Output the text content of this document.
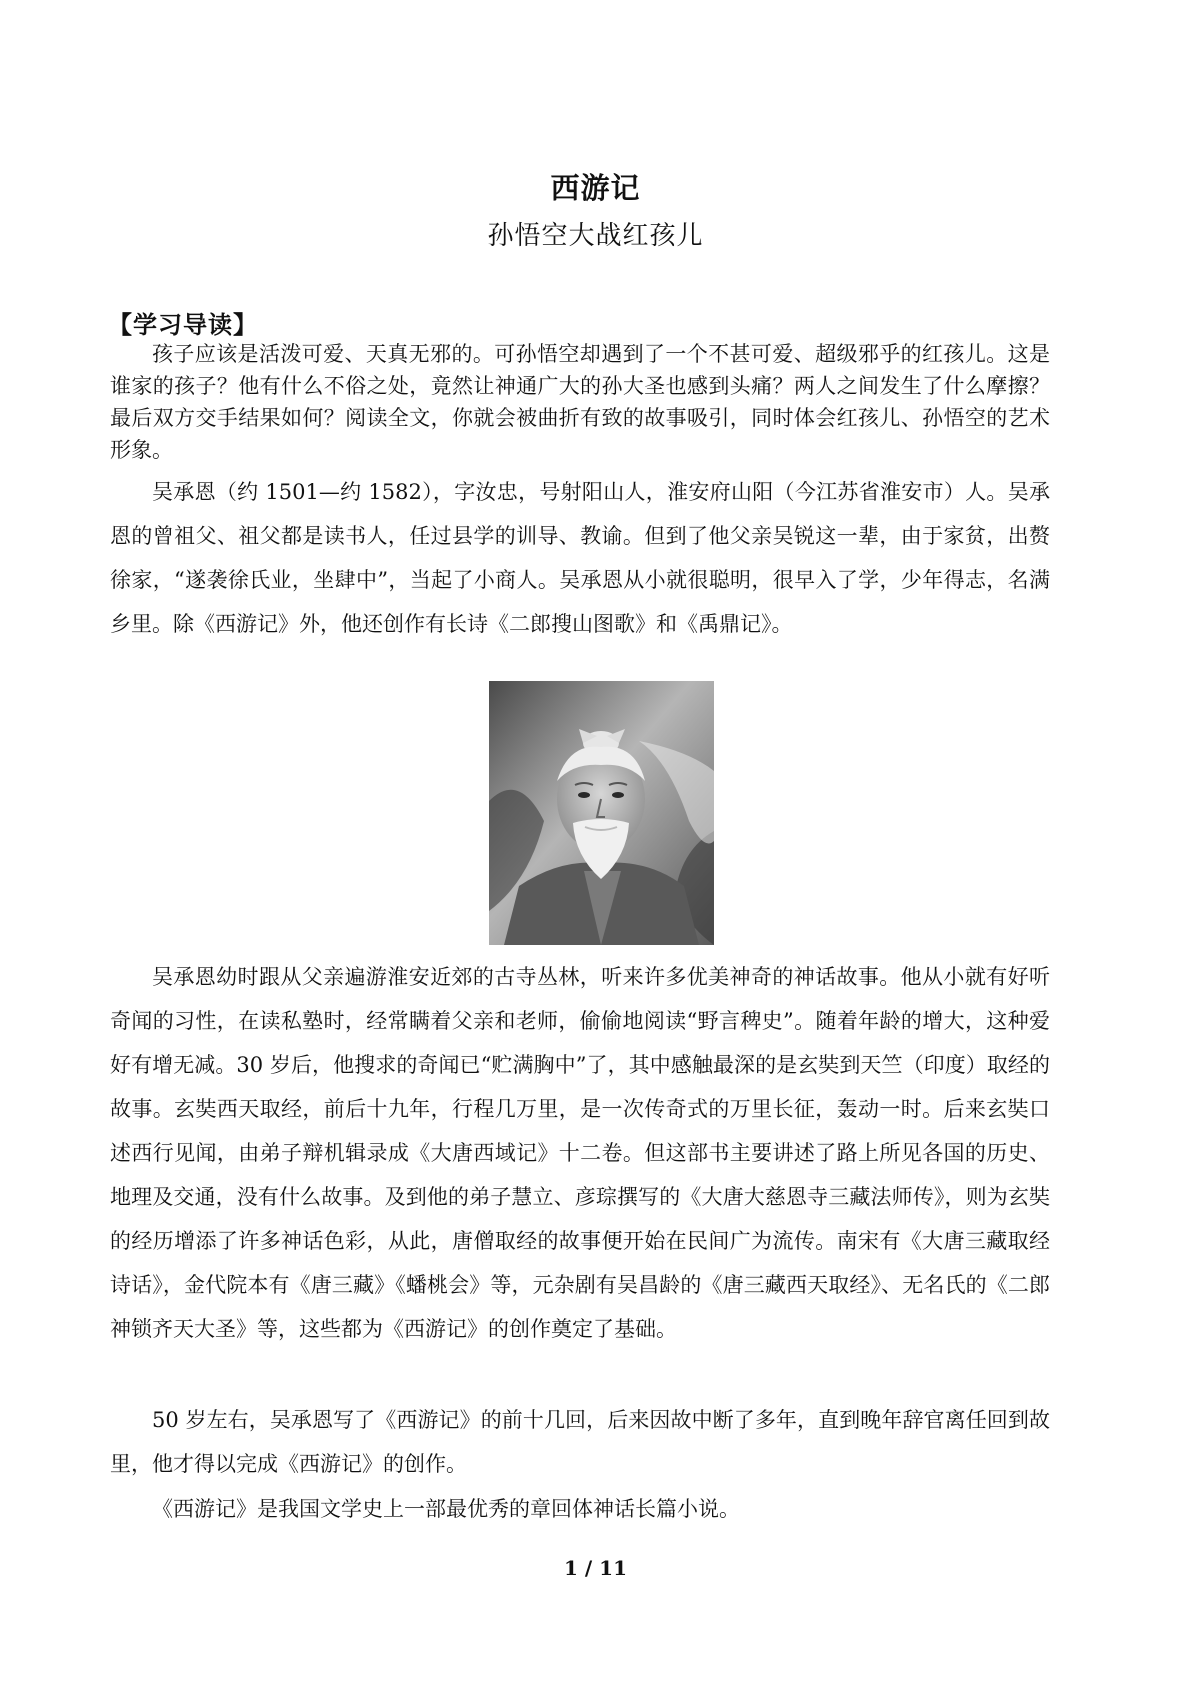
西游记
孙悟空大战红孩儿
【学习导读】

孩子应该是活泼可爱、天真无邪的。可孙悟空却遇到了一个不甚可爱、超级邪乎的红孩儿。这是谁家的孩子？他有什么不俗之处，竟然让神通广大的孙大圣也感到头痛？两人之间发生了什么摩擦？最后双方交手结果如何？阅读全文，你就会被曲折有致的故事吸引，同时体会红孩儿、孙悟空的艺术形象。

吴承恩（约 1501—约 1582），字汝忠，号射阳山人，淮安府山阳（今江苏省淮安市）人。吴承恩的曾祖父、祖父都是读书人，任过县学的训导、教谕。但到了他父亲吴锐这一辈，由于家贫，出赘徐家，“遂袭徐氏业，坐肆中”，当起了小商人。吴承恩从小就很聪明，很早入了学，少年得志，名满乡里。除《西游记》外，他还创作有长诗《二郎搜山图歌》和《禹鼎记》。

吴承恩幼时跟从父亲遍游淮安近郊的古寺丛林，听来许多优美神奇的神话故事。他从小就有好听奇闻的习性，在读私塾时，经常瞒着父亲和老师，偷偷地阅读“野言稗史”。随着年龄的增大，这种爱好有增无减。30 岁后，他搜求的奇闻已“贮满胸中”了，其中感触最深的是玄奘到天竺（印度）取经的故事。玄奘西天取经，前后十九年，行程几万里，是一次传奇式的万里长征，轰动一时。后来玄奘口述西行见闻，由弟子辩机辑录成《大唐西域记》十二卷。但这部书主要讲述了路上所见各国的历史、地理及交通，没有什么故事。及到他的弟子慧立、彦琮撰写的《大唐大慈恩寺三藏法师传》，则为玄奘的经历增添了许多神话色彩，从此，唐僧取经的故事便开始在民间广为流传。南宋有《大唐三藏取经诗话》，金代院本有《唐三藏》《蟠桃会》等，元杂剧有吴昌龄的《唐三藏西天取经》、无名氏的《二郎神锁齐天大圣》等，这些都为《西游记》的创作奠定了基础。

50 岁左右，吴承恩写了《西游记》的前十几回，后来因故中断了多年，直到晚年辞官离任回到故里，他才得以完成《西游记》的创作。

《西游记》是我国文学史上一部最优秀的章回体神话长篇小说。

1 / 11
